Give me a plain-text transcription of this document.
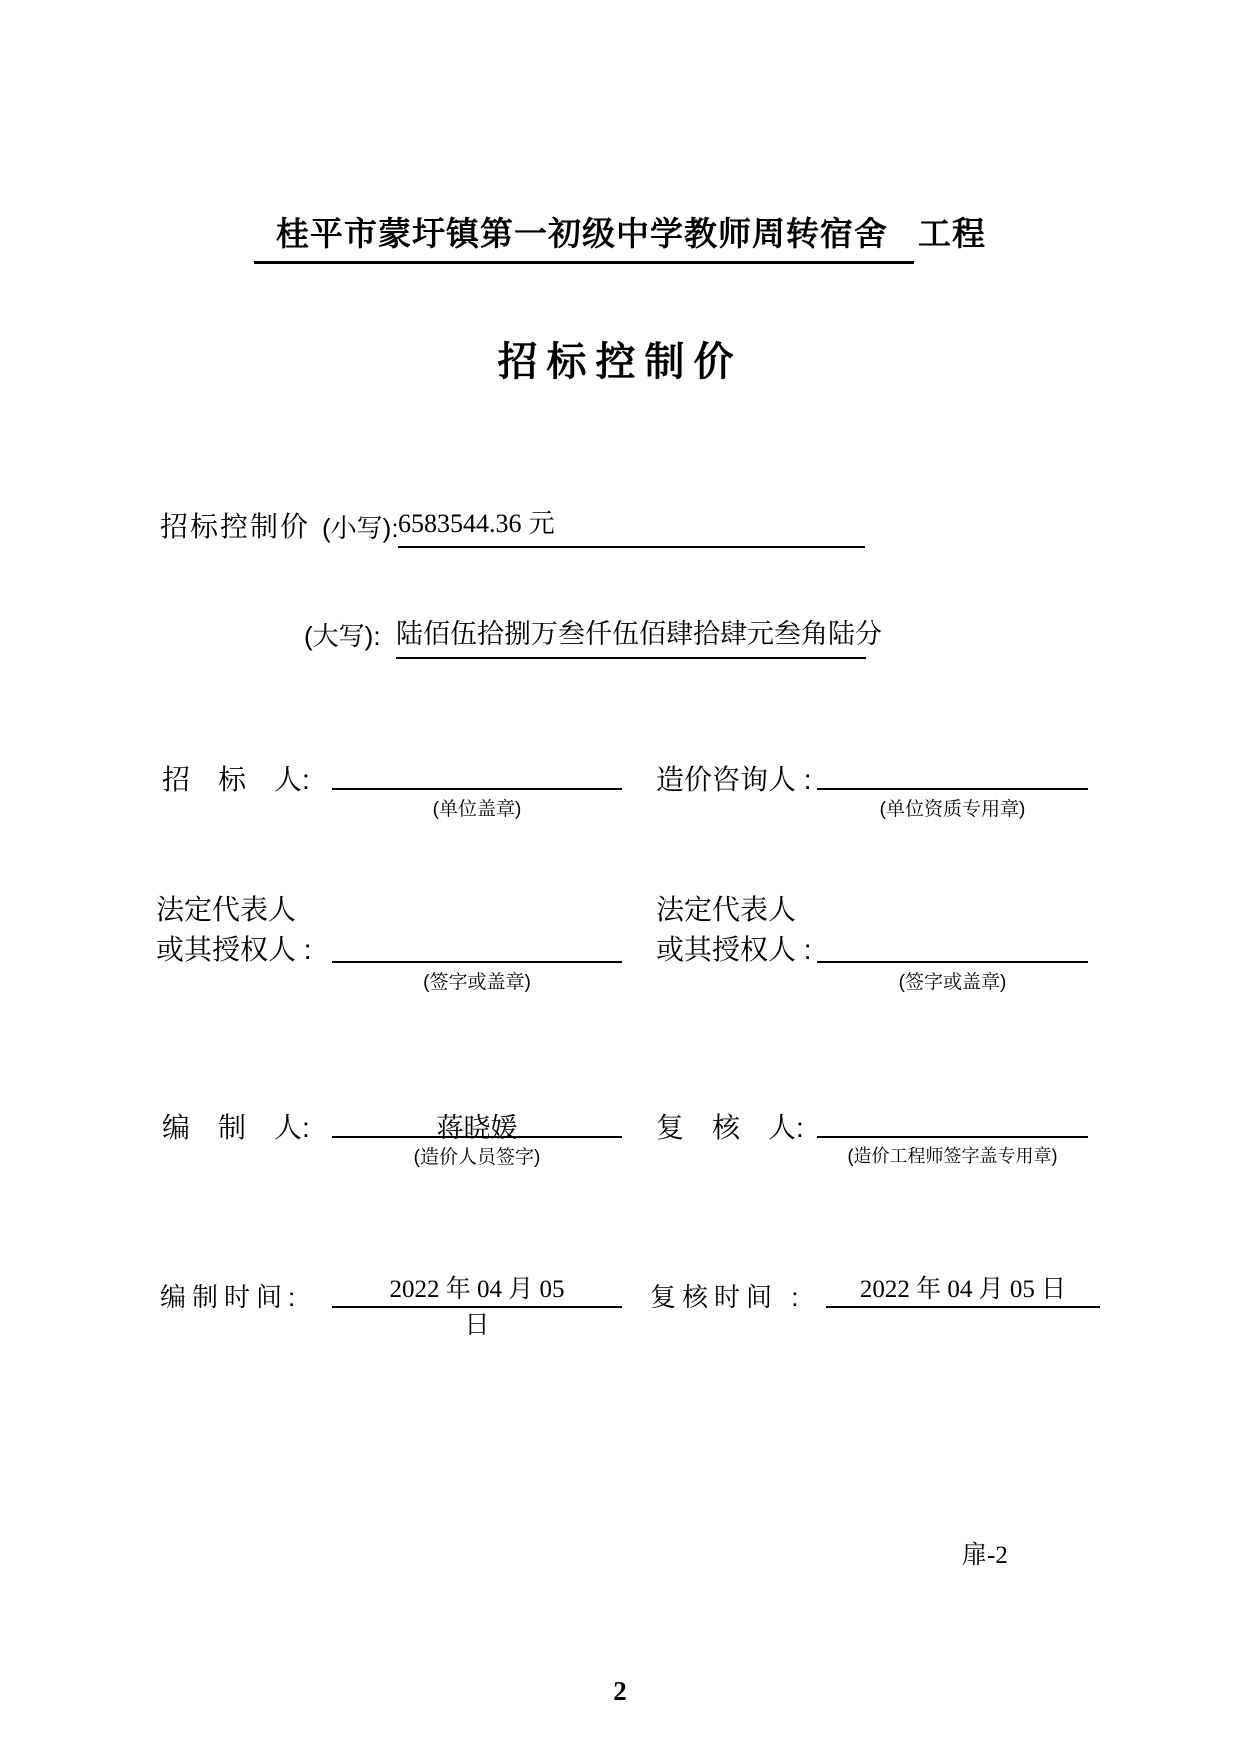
桂平市蒙圩镇第一初级中学教师周转宿舍 工程
招标控制价
招标控制价 (小写): 6583544.36 元
(大写): 陆佰伍拾捌万叁仟伍佰肆拾肆元叁角陆分
招　标　人:
(单位盖章)
造价咨询人 :
(单位资质专用章)
法定代表人
或其授权人 :
(签字或盖章)
法定代表人
或其授权人 :
(签字或盖章)
编　制　人:	蒋晓媛
(造价人员签字)
复　核　人:
(造价工程师签字盖专用章)
编制时间:	2022 年 04 月 05 日
复核时间 :	2022 年 04 月 05 日
扉-2
2
